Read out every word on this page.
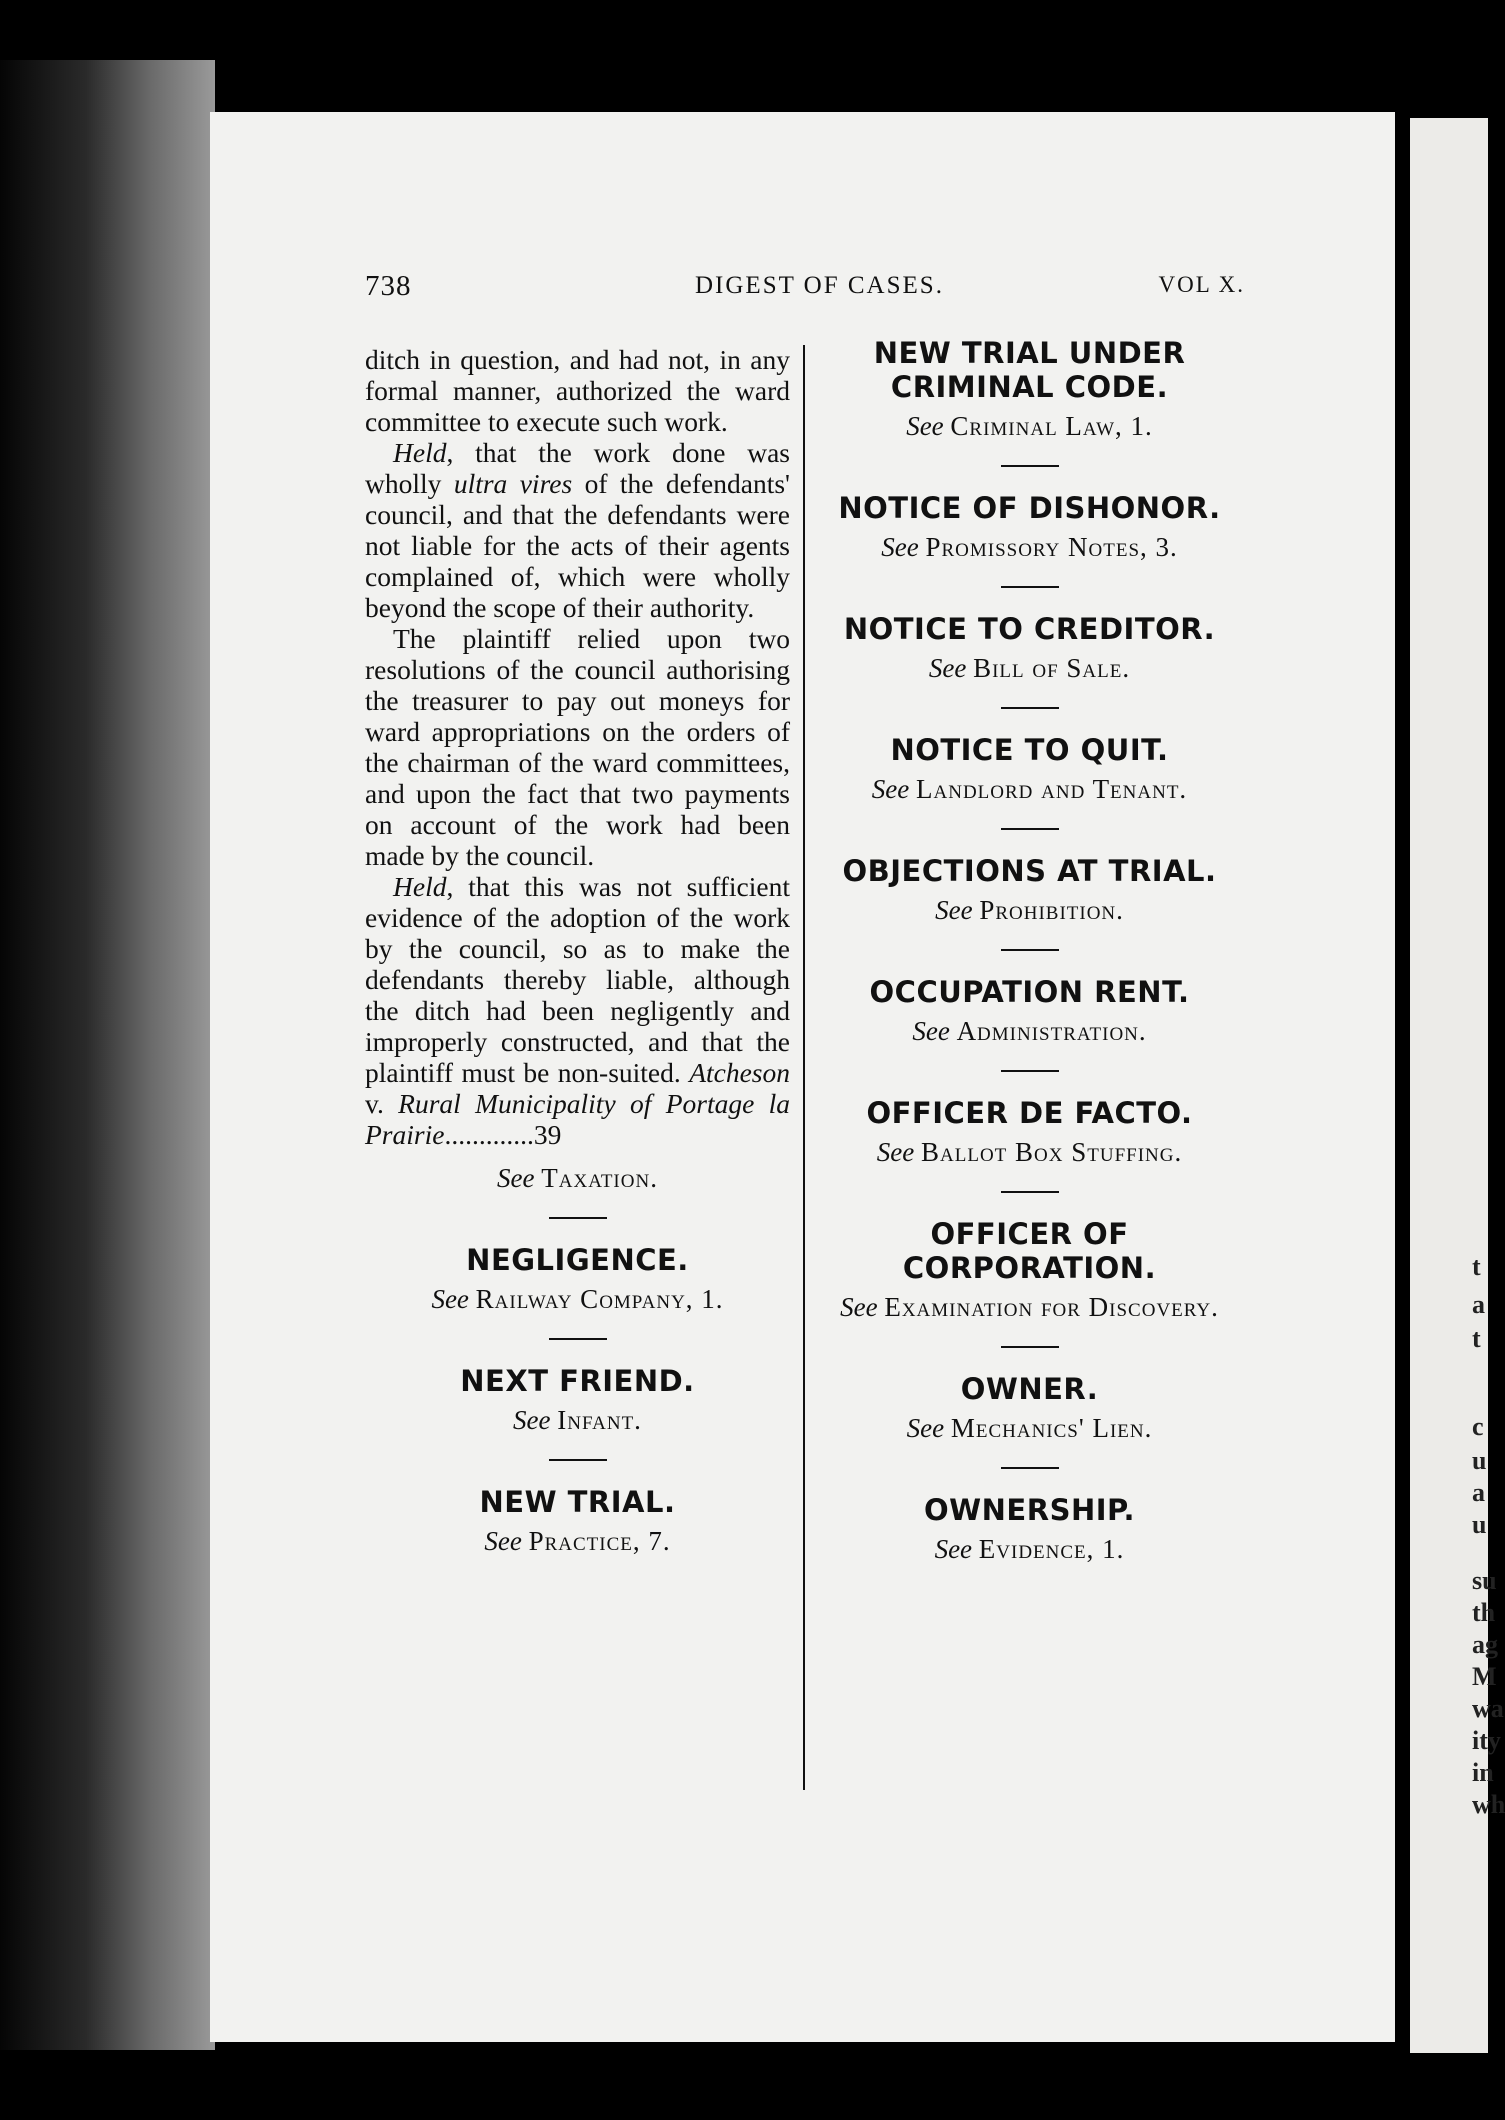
t
a
t
c
u
a
u
su
th
ag
M
wa
ity
in
wh
738	DIGEST OF CASES.	VOL X.

ditch in question, and had not, in any formal manner, authorized the ward committee to execute such work.

Held, that the work done was wholly ultra vires of the defendants' council, and that the defendants were not liable for the acts of their agents complained of, which were wholly beyond the scope of their authority.

The plaintiff relied upon two resolutions of the council authorising the treasurer to pay out moneys for ward appropriations on the orders of the chairman of the ward committees, and upon the fact that two payments on account of the work had been made by the council.

Held, that this was not sufficient evidence of the adoption of the work by the council, so as to make the defendants thereby liable, although the ditch had been negligently and improperly constructed, and that the plaintiff must be non-suited. Atcheson v. Rural Municipality of Portage la Prairie.............39

See Taxation.
NEGLIGENCE.
See Railway Company, 1.
NEXT FRIEND.
See Infant.
NEW TRIAL.
See Practice, 7.
NEW TRIAL UNDER CRIMINAL CODE.
See Criminal Law, 1.
NOTICE OF DISHONOR.
See Promissory Notes, 3.
NOTICE TO CREDITOR.
See Bill of Sale.
NOTICE TO QUIT.
See Landlord and Tenant.
OBJECTIONS AT TRIAL.
See Prohibition.
OCCUPATION RENT.
See Administration.
OFFICER DE FACTO.
See Ballot Box Stuffing.
OFFICER OF CORPORATION.
See Examination for Discovery.
OWNER.
See Mechanics' Lien.
OWNERSHIP.
See Evidence, 1.
